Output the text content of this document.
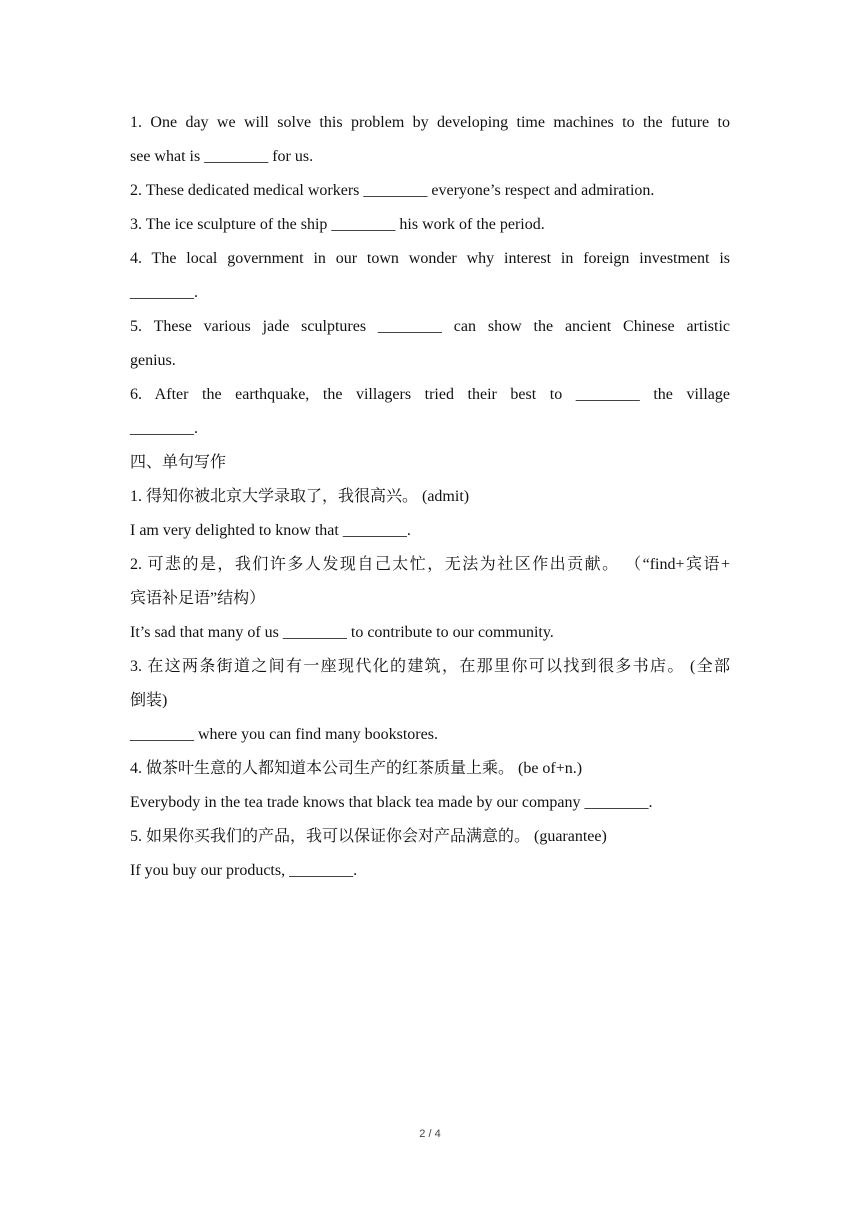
1. One day we will solve this problem by developing time machines to the future to
see what is ________ for us.
2. These dedicated medical workers ________ everyone’s respect and admiration.
3. The ice sculpture of the ship ________ his work of the period.
4. The local government in our town wonder why interest in foreign investment is
________.
5. These various jade sculptures ________ can show the ancient Chinese artistic
genius.
6. After the earthquake, the villagers tried their best to ________ the village
________.
四、单句写作
1. 得知你被北京大学录取了，我很高兴。 (admit)
I am very delighted to know that ________.
2. 可悲的是，我们许多人发现自己太忙，无法为社区作出贡献。 （“find+宾语+
宾语补足语”结构）
It’s sad that many of us ________ to contribute to our community.
3. 在这两条街道之间有一座现代化的建筑，在那里你可以找到很多书店。 (全部
倒装)
________ where you can find many bookstores.
4. 做茶叶生意的人都知道本公司生产的红茶质量上乘。 (be of+n.)
Everybody in the tea trade knows that black tea made by our company ________.
5. 如果你买我们的产品，我可以保证你会对产品满意的。 (guarantee)
If you buy our products, ________.
2 / 4
